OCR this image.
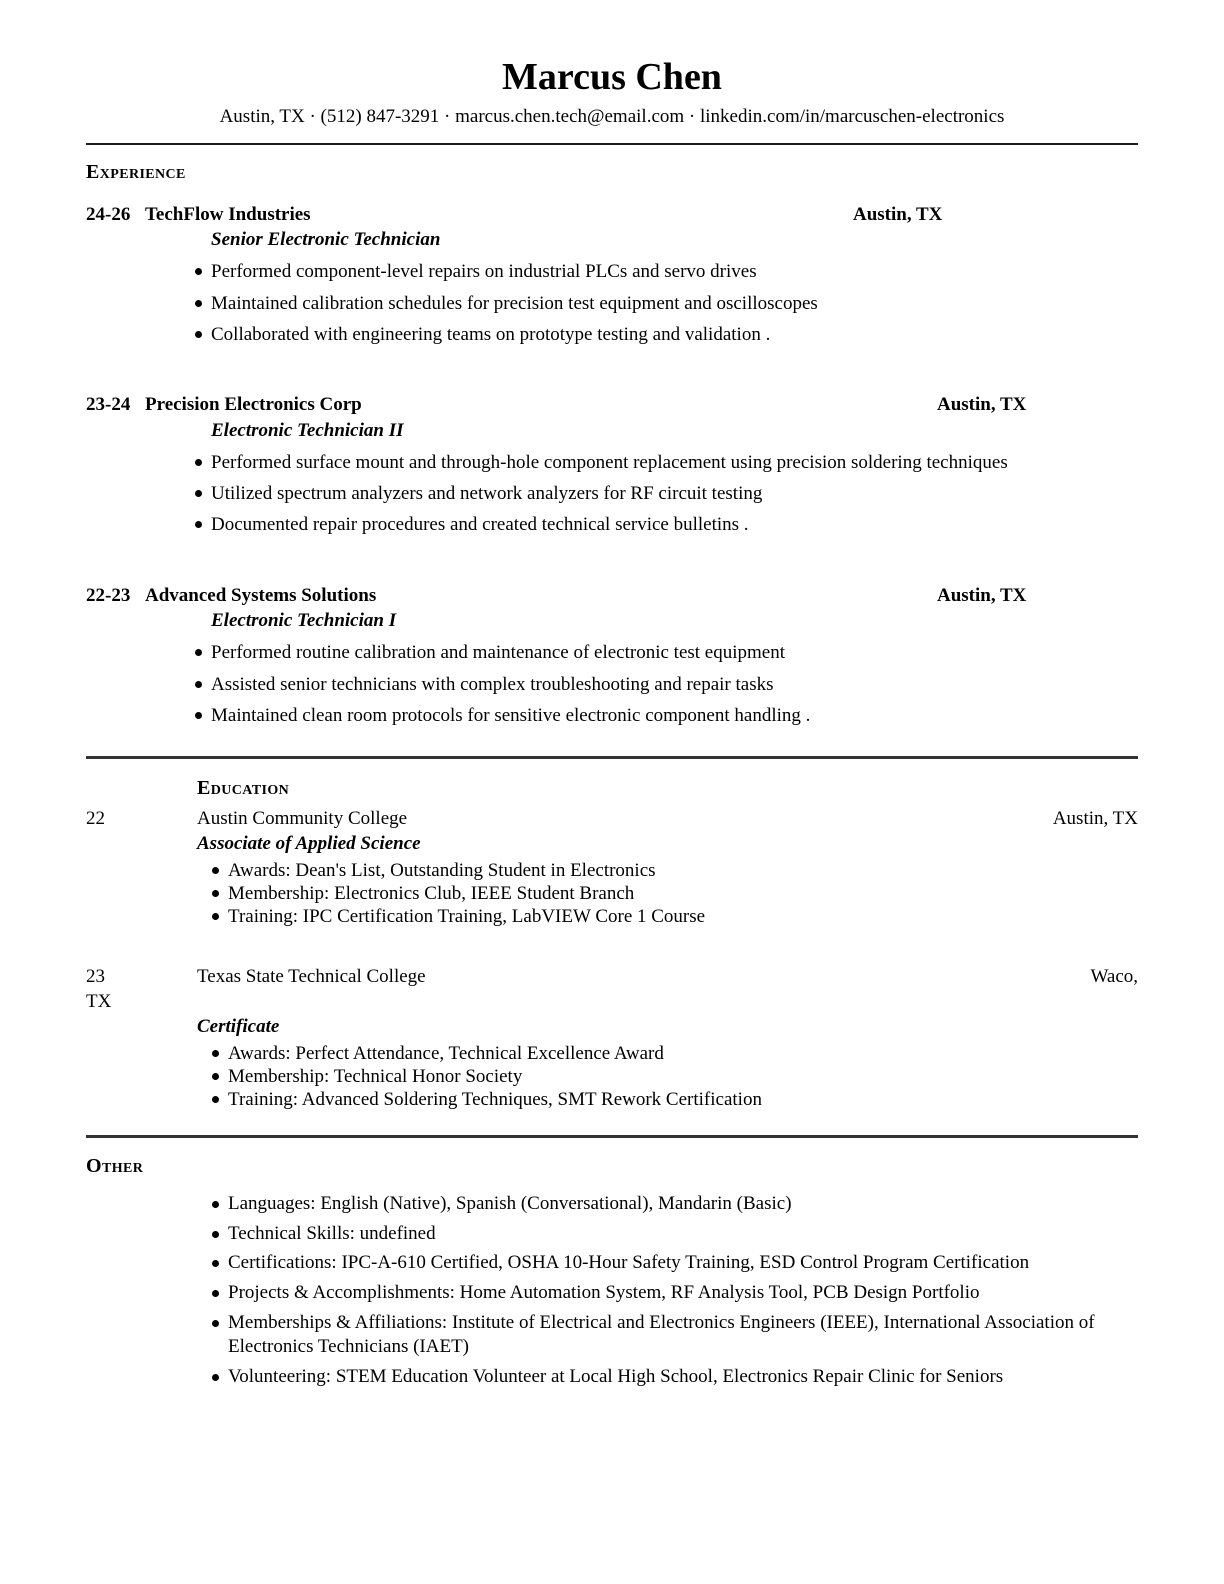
Marcus Chen
Austin, TX · (512) 847-3291 · marcus.chen.tech@email.com · linkedin.com/in/marcuschen-electronics
Experience
24-26 TechFlow Industries	Austin, TX
Senior Electronic Technician
Performed component-level repairs on industrial PLCs and servo drives
Maintained calibration schedules for precision test equipment and oscilloscopes
Collaborated with engineering teams on prototype testing and validation .
23-24 Precision Electronics Corp	Austin, TX
Electronic Technician II
Performed surface mount and through-hole component replacement using precision soldering techniques
Utilized spectrum analyzers and network analyzers for RF circuit testing
Documented repair procedures and created technical service bulletins .
22-23 Advanced Systems Solutions	Austin, TX
Electronic Technician I
Performed routine calibration and maintenance of electronic test equipment
Assisted senior technicians with complex troubleshooting and repair tasks
Maintained clean room protocols for sensitive electronic component handling .
Education
22	Austin Community College	Austin, TX
Associate of Applied Science
Awards: Dean's List, Outstanding Student in Electronics
Membership: Electronics Club, IEEE Student Branch
Training: IPC Certification Training, LabVIEW Core 1 Course
23	Texas State Technical College	Waco,
TX
Certificate
Awards: Perfect Attendance, Technical Excellence Award
Membership: Technical Honor Society
Training: Advanced Soldering Techniques, SMT Rework Certification
Other
Languages: English (Native), Spanish (Conversational), Mandarin (Basic)
Technical Skills: undefined
Certifications: IPC-A-610 Certified, OSHA 10-Hour Safety Training, ESD Control Program Certification
Projects & Accomplishments: Home Automation System, RF Analysis Tool, PCB Design Portfolio
Memberships & Affiliations: Institute of Electrical and Electronics Engineers (IEEE), International Association of Electronics Technicians (IAET)
Volunteering: STEM Education Volunteer at Local High School, Electronics Repair Clinic for Seniors
